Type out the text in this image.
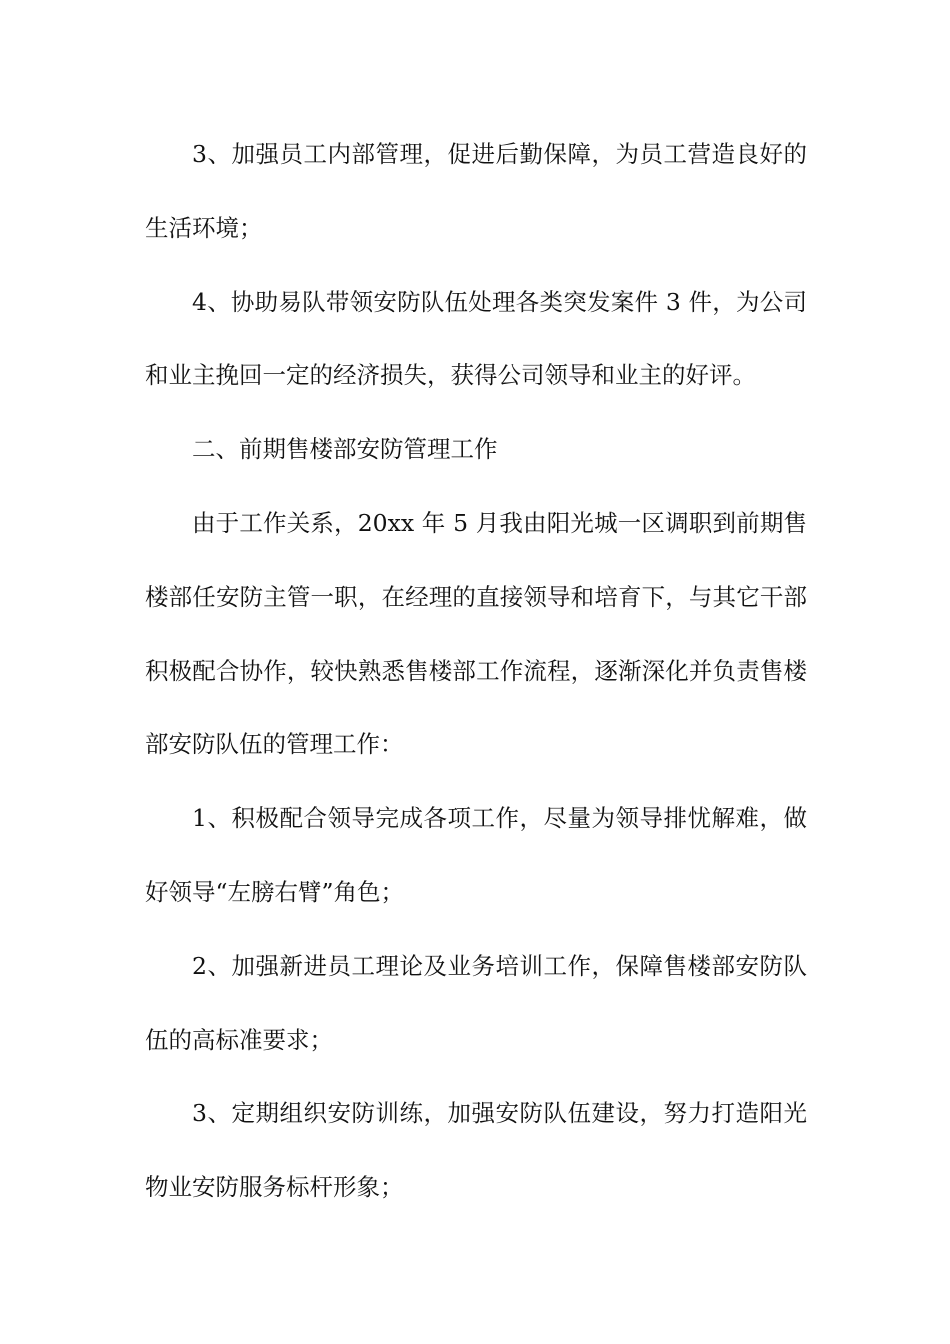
3、加强员工内部管理，促进后勤保障，为员工营造良好的生活环境；

4、协助易队带领安防队伍处理各类突发案件 3 件，为公司和业主挽回一定的经济损失，获得公司领导和业主的好评。

二、前期售楼部安防管理工作

由于工作关系，20xx 年 5 月我由阳光城一区调职到前期售楼部任安防主管一职，在经理的直接领导和培育下，与其它干部积极配合协作，较快熟悉售楼部工作流程，逐渐深化并负责售楼部安防队伍的管理工作：

1、积极配合领导完成各项工作，尽量为领导排忧解难，做好领导“左膀右臂”角色；

2、加强新进员工理论及业务培训工作，保障售楼部安防队伍的高标准要求；

3、定期组织安防训练，加强安防队伍建设，努力打造阳光物业安防服务标杆形象；
